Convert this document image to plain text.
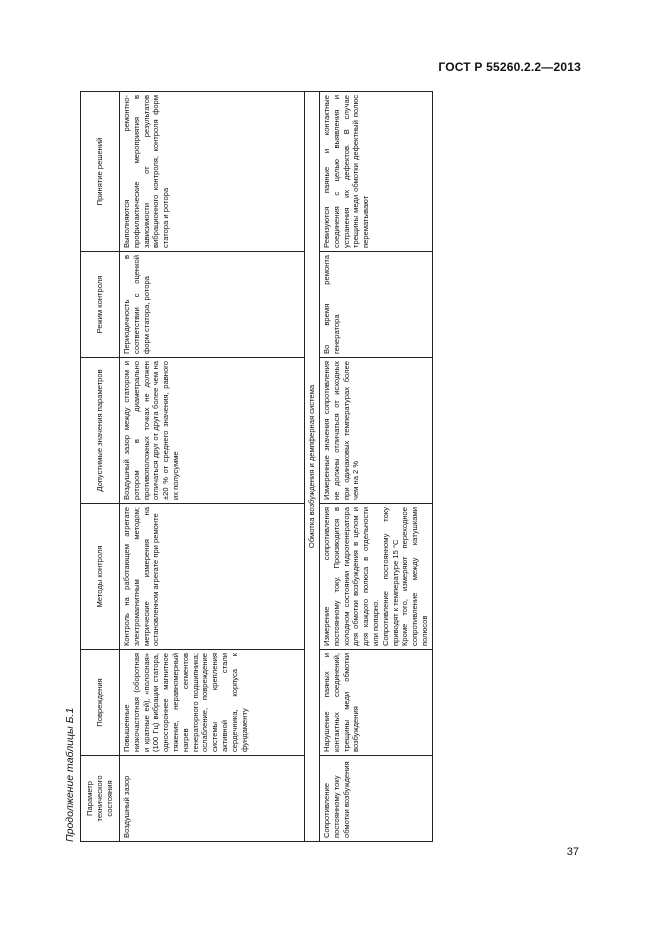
ГОСТ Р 55260.2.2—2013
Продолжение таблицы Б.1 Параметр технического состояния	Повреждения	Методы контроля	Допустимые значения параметров	Режим контроля	Принятие решений
Воздушный зазор	Повышенные низкочастотная (оборотная и кратные ей), «полосная» (100 Гц) вибрации статора, одностороннее магнитное тяжение, неравномерный нагрев сегментов генераторного подшипника; ослабление, повреждение системы крепления активной стали сердечника, корпуса к фундаменту	Контроль на работающем агрегате электромагнитным методом; метрические измерения на остановленном агрегате при ремонте	Воздушный зазор между статором и ротором в диаметрально противоположных точках не должен отличаться друг от друга более чем на ±20 % от среднего значения, равного их полусумме	Периодичность в соответствии с оценкой форм статора, ротора	Выполняются ремонтно-профилактические мероприятия в зависимости от результатов вибрационного контроля, контроля форм статора и ротора
Обмотка возбуждения и демпферная система					
Сопротивление постоянному току обмотки возбуждения	Нарушение паяных и контактных соединений, трещины меди обмотки возбуждения	Измерение сопротивления постоянному току. Производится в холодном состоянии гидрогенератора для обмотки возбуждения в целом и для каждого полюса в отдельности или попарно.
Сопротивление постоянному току приводят к температуре 15 °С
Кроме того, измеряют переходное сопротивление между катушками полюсов	Измеренные значения сопротивления не должны отличаться от исходных при одинаковых температурах более чем на 2 %	Во время ремонта генератора	Ревизуются паяные и контактные соединения с целью выявления и устранения их дефектов. В случае трещины меди обмотки дефектный полюс перематывают
37
